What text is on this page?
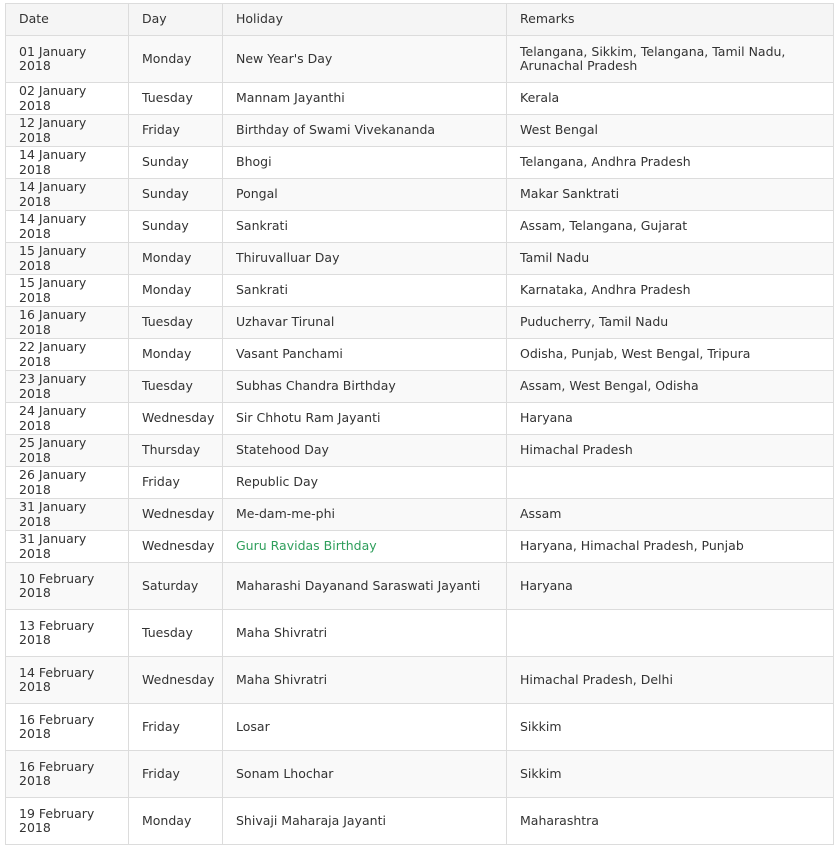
Date	Day	Holiday	Remarks
01 January 2018	Monday	New Year's Day	Telangana, Sikkim, Telangana, Tamil Nadu, Arunachal Pradesh
02 January 2018	Tuesday	Mannam Jayanthi	Kerala
12 January 2018	Friday	Birthday of Swami Vivekananda	West Bengal
14 January 2018	Sunday	Bhogi	Telangana, Andhra Pradesh
14 January 2018	Sunday	Pongal	Makar Sanktrati
14 January 2018	Sunday	Sankrati	Assam, Telangana, Gujarat
15 January 2018	Monday	Thiruvalluar Day	Tamil Nadu
15 January 2018	Monday	Sankrati	Karnataka, Andhra Pradesh
16 January 2018	Tuesday	Uzhavar Tirunal	Puducherry, Tamil Nadu
22 January 2018	Monday	Vasant Panchami	Odisha, Punjab, West Bengal, Tripura
23 January 2018	Tuesday	Subhas Chandra Birthday	Assam, West Bengal, Odisha
24 January 2018	Wednesday	Sir Chhotu Ram Jayanti	Haryana
25 January 2018	Thursday	Statehood Day	Himachal Pradesh
26 January 2018	Friday	Republic Day	
31 January 2018	Wednesday	Me-dam-me-phi	Assam
31 January 2018	Wednesday	Guru Ravidas Birthday	Haryana, Himachal Pradesh, Punjab
10 February 2018	Saturday	Maharashi Dayanand Saraswati Jayanti	Haryana
13 February 2018	Tuesday	Maha Shivratri	
14 February 2018	Wednesday	Maha Shivratri	Himachal Pradesh, Delhi
16 February 2018	Friday	Losar	Sikkim
16 February 2018	Friday	Sonam Lhochar	Sikkim
19 February 2018	Monday	Shivaji Maharaja Jayanti	Maharashtra
